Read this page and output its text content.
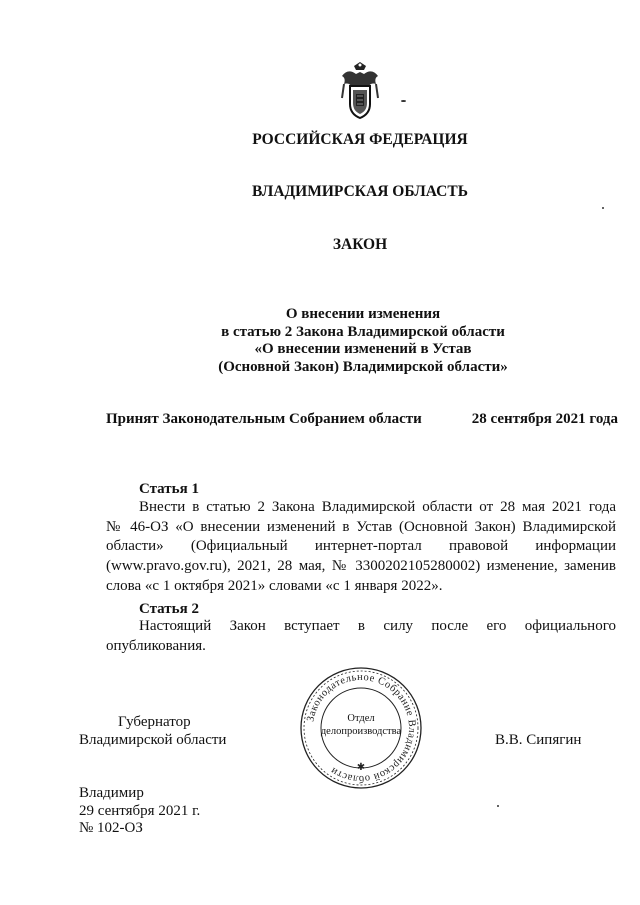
РОССИЙСКАЯ ФЕДЕРАЦИЯ
ВЛАДИМИРСКАЯ ОБЛАСТЬ
ЗАКОН
О внесении изменения
в статью 2 Закона Владимирской области
«О внесении изменений в Устав
(Основной Закон) Владимирской области»
Принят Законодательным Собранием области	28 сентября 2021 года
Статья 1
Внести в статью 2 Закона Владимирской области от 28 мая 2021 года
№ 46-ОЗ «О внесении изменений в Устав (Основной Закон) Владимирской
области» (Официальный интернет-портал правовой информации
(www.pravo.gov.ru), 2021, 28 мая, № 3300202105280002) изменение, заменив
слова «с 1 октября 2021» словами «с 1 января 2022».
Статья 2
Настоящий Закон вступает в силу после его официального
опубликования.
Губернатор
Владимирской области	В.В. Сипягин
Законодательное Собрание Владимирской области	✱
Отдел
делопроизводства
Владимир
29 сентября 2021 г.
№ 102-ОЗ
